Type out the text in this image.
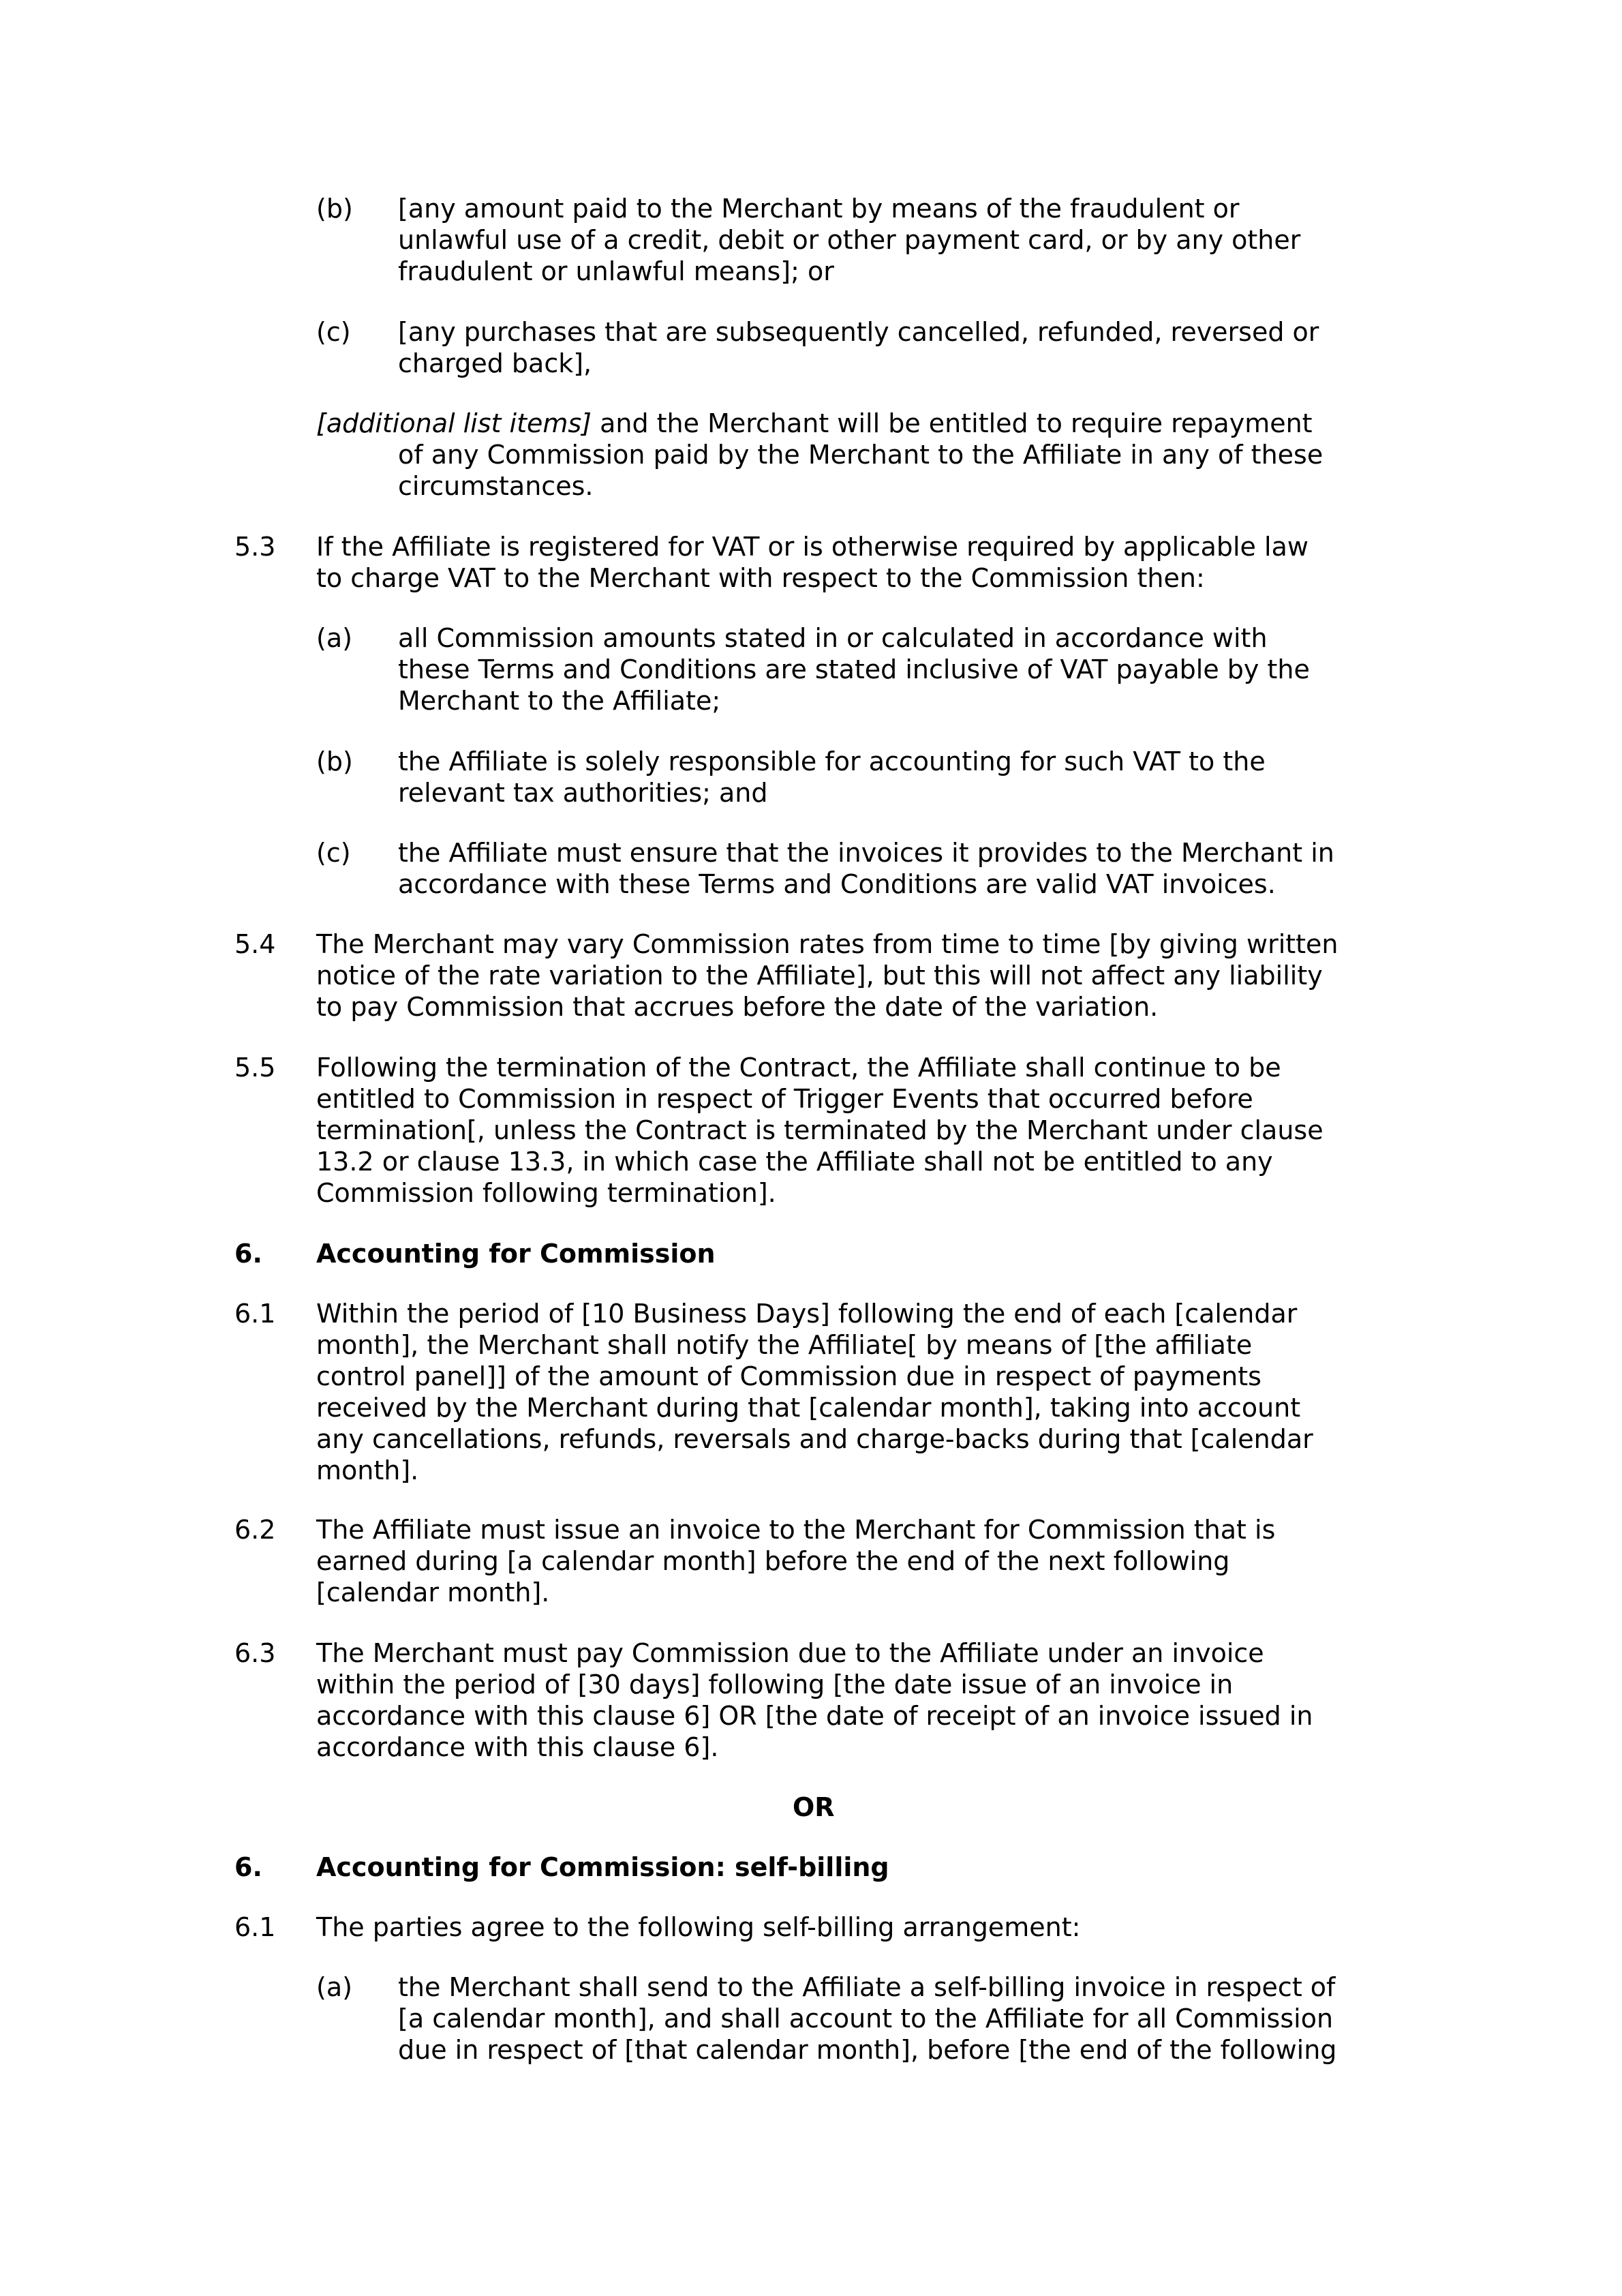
(b) [any amount paid to the Merchant by means of the fraudulent or
unlawful use of a credit, debit or other payment card, or by any other
fraudulent or unlawful means]; or
(c) [any purchases that are subsequently cancelled, refunded, reversed or
charged back],
[additional list items] and the Merchant will be entitled to require repayment
of any Commission paid by the Merchant to the Affiliate in any of these
circumstances.
5.3 If the Affiliate is registered for VAT or is otherwise required by applicable law
to charge VAT to the Merchant with respect to the Commission then:
(a) all Commission amounts stated in or calculated in accordance with
these Terms and Conditions are stated inclusive of VAT payable by the
Merchant to the Affiliate;
(b) the Affiliate is solely responsible for accounting for such VAT to the
relevant tax authorities; and
(c) the Affiliate must ensure that the invoices it provides to the Merchant in
accordance with these Terms and Conditions are valid VAT invoices.
5.4 The Merchant may vary Commission rates from time to time [by giving written
notice of the rate variation to the Affiliate], but this will not affect any liability
to pay Commission that accrues before the date of the variation.
5.5 Following the termination of the Contract, the Affiliate shall continue to be
entitled to Commission in respect of Trigger Events that occurred before
termination[, unless the Contract is terminated by the Merchant under clause
13.2 or clause 13.3, in which case the Affiliate shall not be entitled to any
Commission following termination].
6. Accounting for Commission
6.1 Within the period of [10 Business Days] following the end of each [calendar
month], the Merchant shall notify the Affiliate[ by means of [the affiliate
control panel]] of the amount of Commission due in respect of payments
received by the Merchant during that [calendar month], taking into account
any cancellations, refunds, reversals and charge-backs during that [calendar
month].
6.2 The Affiliate must issue an invoice to the Merchant for Commission that is
earned during [a calendar month] before the end of the next following
[calendar month].
6.3 The Merchant must pay Commission due to the Affiliate under an invoice
within the period of [30 days] following [the date issue of an invoice in
accordance with this clause 6] OR [the date of receipt of an invoice issued in
accordance with this clause 6].
OR
6. Accounting for Commission: self-billing
6.1 The parties agree to the following self-billing arrangement:
(a) the Merchant shall send to the Affiliate a self-billing invoice in respect of
[a calendar month], and shall account to the Affiliate for all Commission
due in respect of [that calendar month], before [the end of the following
